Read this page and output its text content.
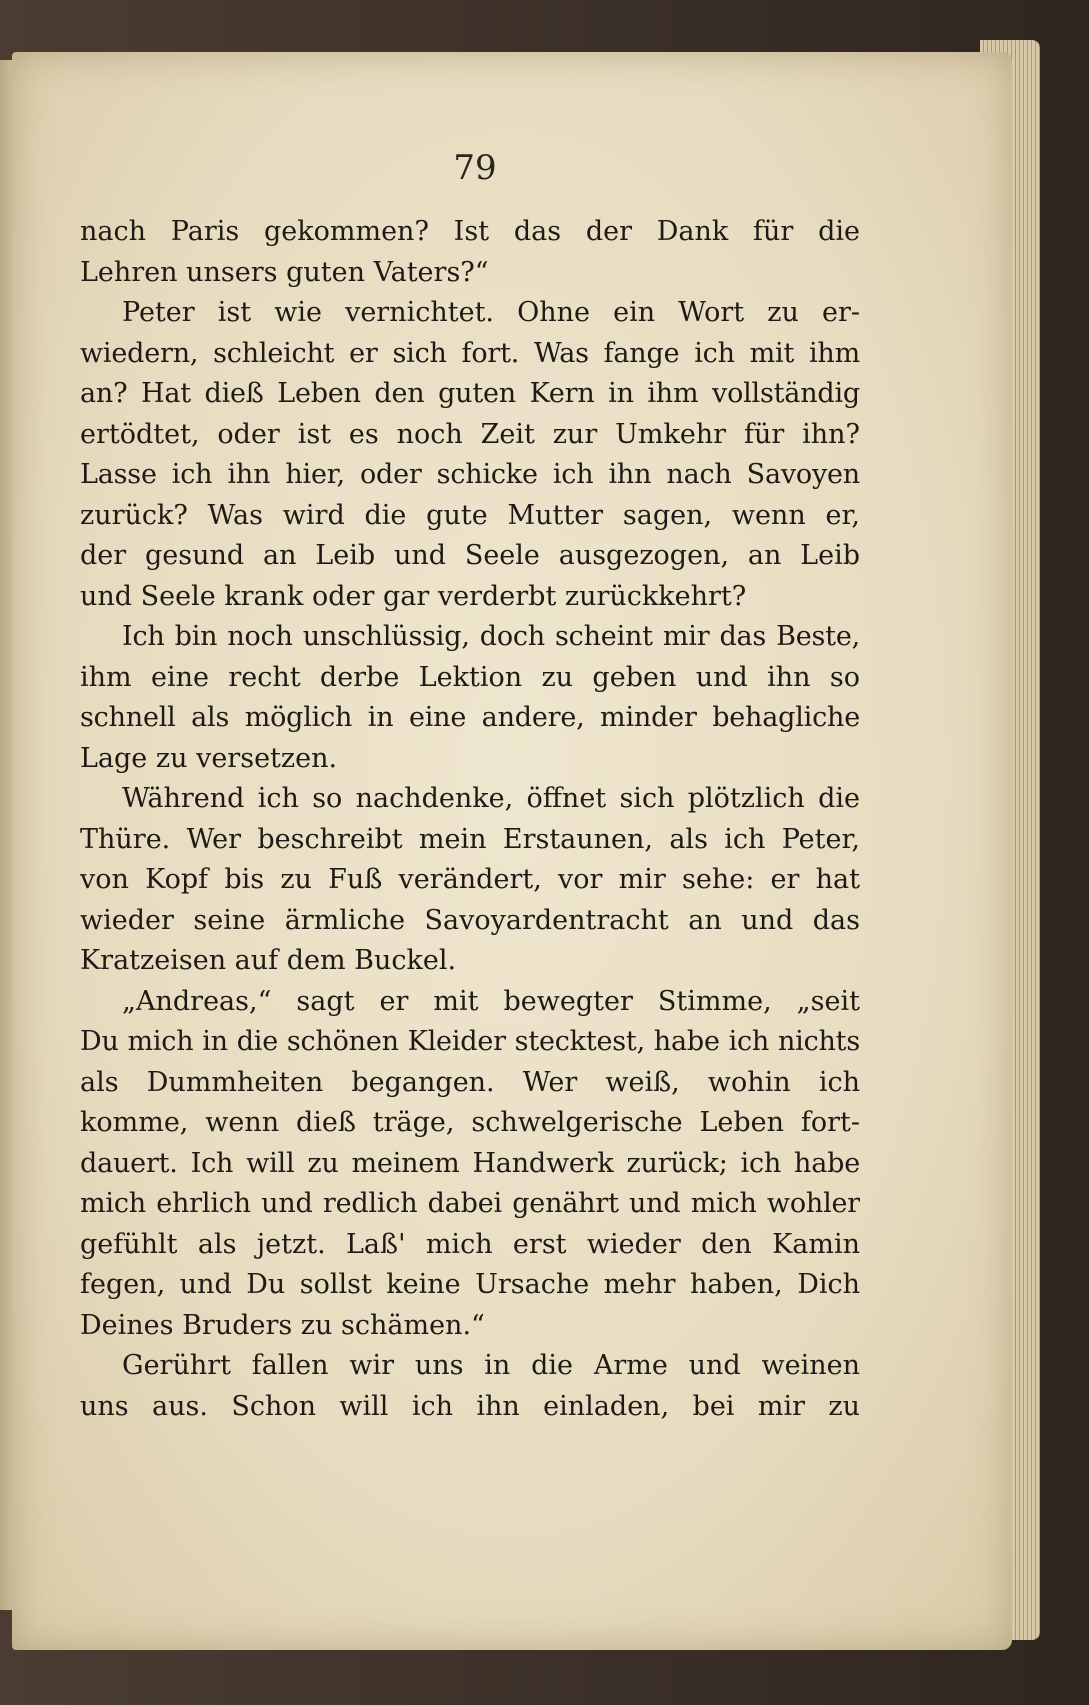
79
nach Paris gekommen? Ist das der Dank für die
Lehren unsers guten Vaters?“
Peter ist wie vernichtet. Ohne ein Wort zu er-
wiedern, schleicht er sich fort. Was fange ich mit ihm
an? Hat dieß Leben den guten Kern in ihm vollständig
ertödtet, oder ist es noch Zeit zur Umkehr für ihn?
Lasse ich ihn hier, oder schicke ich ihn nach Savoyen
zurück? Was wird die gute Mutter sagen, wenn er,
der gesund an Leib und Seele ausgezogen, an Leib
und Seele krank oder gar verderbt zurückkehrt?
Ich bin noch unschlüssig, doch scheint mir das Beste,
ihm eine recht derbe Lektion zu geben und ihn so
schnell als möglich in eine andere, minder behagliche
Lage zu versetzen.
Während ich so nachdenke, öffnet sich plötzlich die
Thüre. Wer beschreibt mein Erstaunen, als ich Peter,
von Kopf bis zu Fuß verändert, vor mir sehe: er hat
wieder seine ärmliche Savoyardentracht an und das
Kratzeisen auf dem Buckel.
„Andreas,“ sagt er mit bewegter Stimme, „seit
Du mich in die schönen Kleider stecktest, habe ich nichts
als Dummheiten begangen. Wer weiß, wohin ich
komme, wenn dieß träge, schwelgerische Leben fort-
dauert. Ich will zu meinem Handwerk zurück; ich habe
mich ehrlich und redlich dabei genährt und mich wohler
gefühlt als jetzt. Laß' mich erst wieder den Kamin
fegen, und Du sollst keine Ursache mehr haben, Dich
Deines Bruders zu schämen.“
Gerührt fallen wir uns in die Arme und weinen
uns aus. Schon will ich ihn einladen, bei mir zu
